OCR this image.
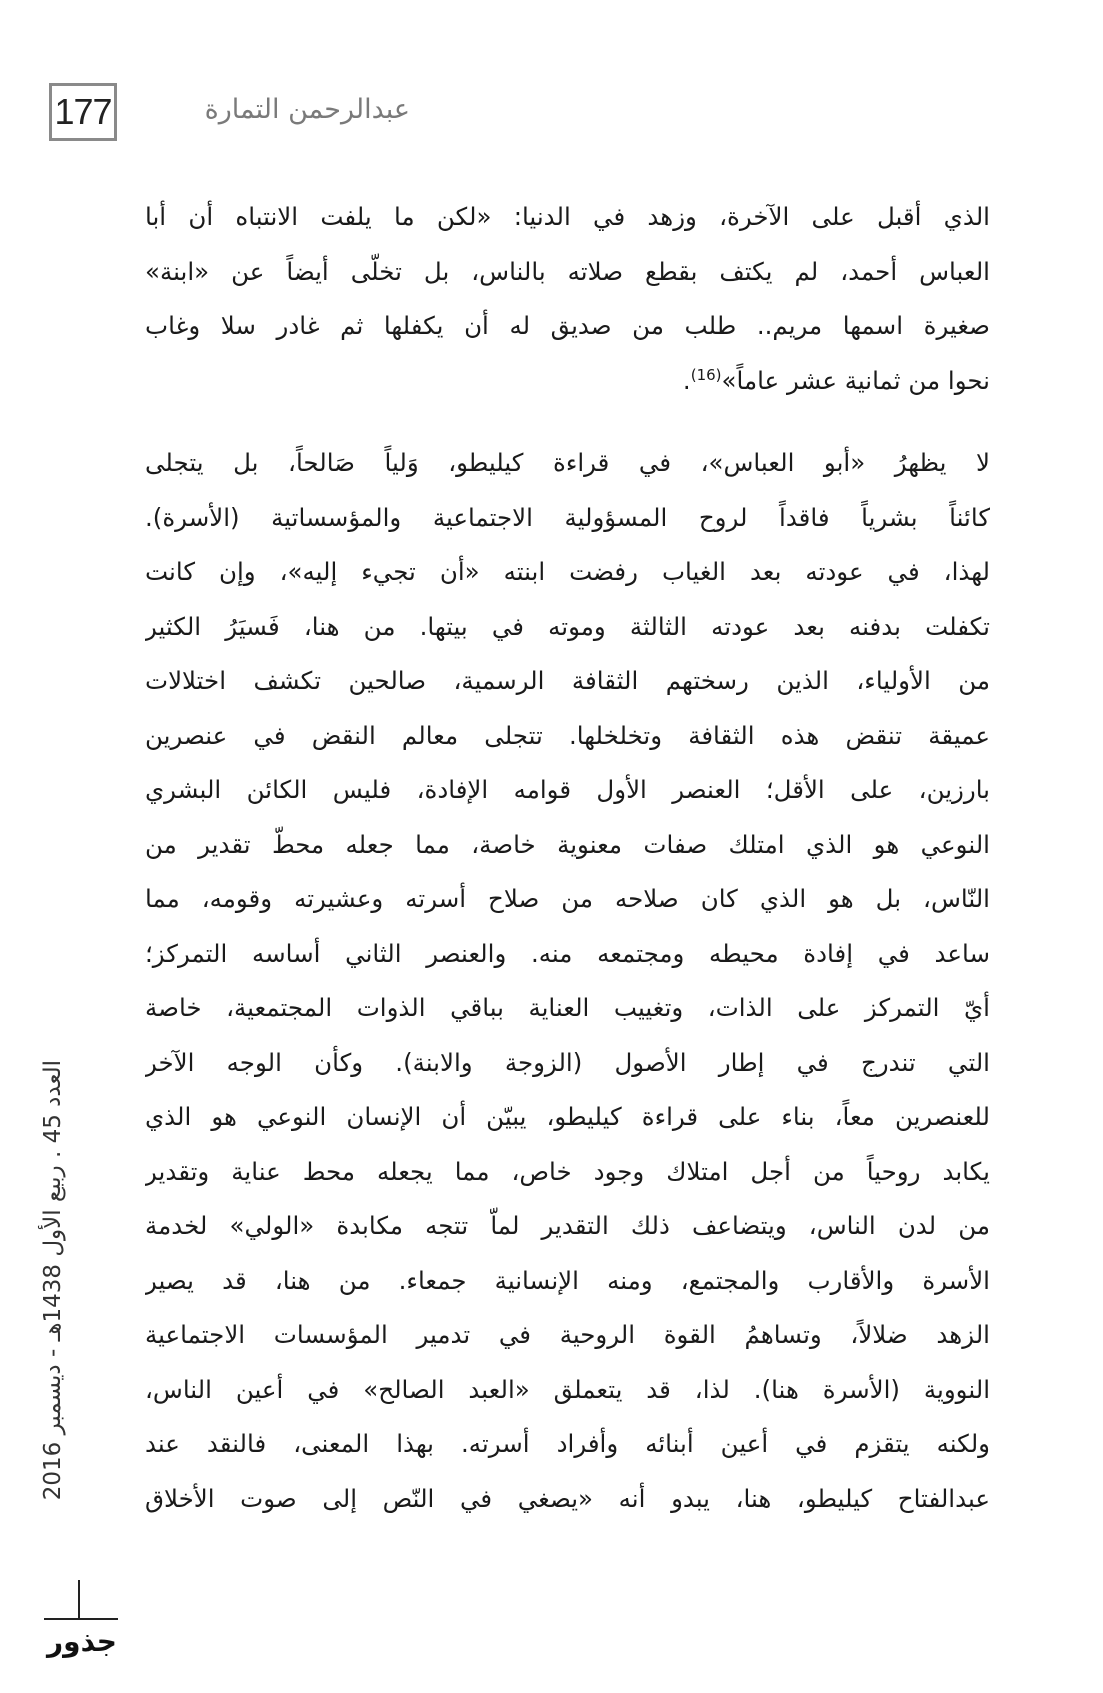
177	عبدالرحمن التمارة

الذي أقبل على الآخرة، وزهد في الدنيا: «لكن ما يلفت الانتباه أن أبا
العباس أحمد، لم يكتف بقطع صلاته بالناس، بل تخلّى أيضاً عن «ابنة»
صغيرة اسمها مريم.. طلب من صديق له أن يكفلها ثم غادر سلا وغاب
نحوا من ثمانية عشر عاماً»$^{(16)}$.

لا يظهرُ «أبو العباس»، في قراءة كيليطو، وَلياً صَالحاً، بل يتجلى
كائناً بشرياً فاقداً لروح المسؤولية الاجتماعية والمؤسساتية (الأسرة).
لهذا، في عودته بعد الغياب رفضت ابنته «أن تجيء إليه»، وإن كانت
تكفلت بدفنه بعد عودته الثالثة وموته في بيتها. من هنا، فَسيَرُ الكثير
من الأولياء، الذين رسختهم الثقافة الرسمية، صالحين تكشف اختلالات
عميقة تنقض هذه الثقافة وتخلخلها. تتجلى معالم النقض في عنصرين
بارزين، على الأقل؛ العنصر الأول قوامه الإفادة، فليس الكائن البشري
النوعي هو الذي امتلك صفات معنوية خاصة، مما جعله محطّ تقدير من
النّاس، بل هو الذي كان صلاحه من صلاح أسرته وعشيرته وقومه، مما
ساعد في إفادة محيطه ومجتمعه منه. والعنصر الثاني أساسه التمركز؛
أيّ التمركز على الذات، وتغييب العناية بباقي الذوات المجتمعية، خاصة
التي تندرج في إطار الأصول (الزوجة والابنة). وكأن الوجه الآخر
للعنصرين معاً، بناء على قراءة كيليطو، يبيّن أن الإنسان النوعي هو الذي
يكابد روحياً من أجل امتلاك وجود خاص، مما يجعله محط عناية وتقدير
من لدن الناس، ويتضاعف ذلك التقدير لماّ تتجه مكابدة «الولي» لخدمة
الأسرة والأقارب والمجتمع، ومنه الإنسانية جمعاء. من هنا، قد يصير
الزهد ضلالاً، وتساهمُ القوة الروحية في تدمير المؤسسات الاجتماعية
النووية (الأسرة هنا). لذا، قد يتعملق «العبد الصالح» في أعين الناس،
ولكنه يتقزم في أعين أبنائه وأفراد أسرته. بهذا المعنى، فالنقد عند
عبدالفتاح كيليطو، هنا، يبدو أنه «يصغي في النّص إلى صوت الأخلاق

العدد 45 . ربيع الأول 1438هـ - ديسمبر 2016
جذور
